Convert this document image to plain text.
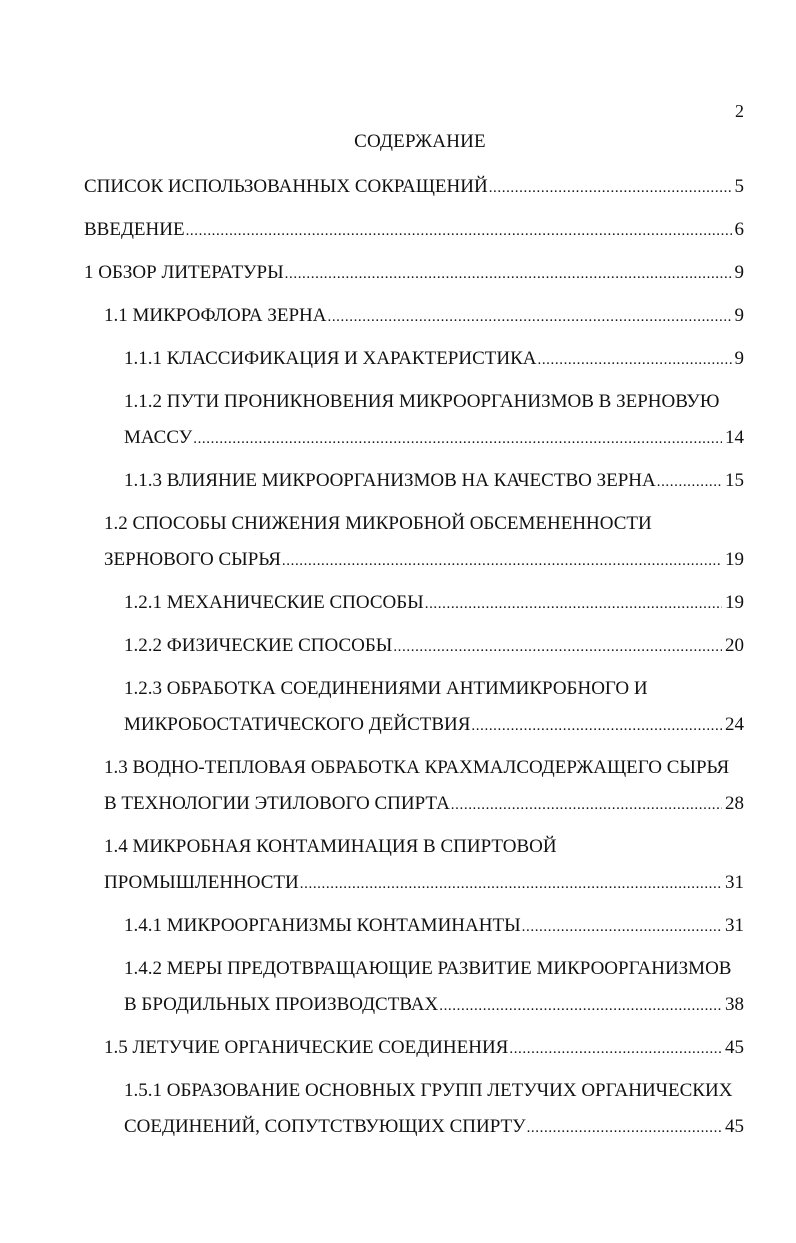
2
СОДЕРЖАНИЕ
СПИСОК ИСПОЛЬЗОВАННЫХ СОКРАЩЕНИЙ .....	5
ВВЕДЕНИЕ .....	6
1 ОБЗОР ЛИТЕРАТУРЫ .....	9
1.1 МИКРОФЛОРА ЗЕРНА .....	9
1.1.1 КЛАССИФИКАЦИЯ И ХАРАКТЕРИСТИКА .....	9
1.1.2 ПУТИ ПРОНИКНОВЕНИЯ МИКРООРГАНИЗМОВ В ЗЕРНОВУЮ
МАССУ .....	14
1.1.3 ВЛИЯНИЕ МИКРООРГАНИЗМОВ НА КАЧЕСТВО ЗЕРНА .....	15
1.2 СПОСОБЫ СНИЖЕНИЯ МИКРОБНОЙ ОБСЕМЕНЕННОСТИ
ЗЕРНОВОГО СЫРЬЯ .....	19
1.2.1 МЕХАНИЧЕСКИЕ СПОСОБЫ .....	19
1.2.2 ФИЗИЧЕСКИЕ СПОСОБЫ .....	20
1.2.3 ОБРАБОТКА СОЕДИНЕНИЯМИ АНТИМИКРОБНОГО И
МИКРОБОСТАТИЧЕСКОГО ДЕЙСТВИЯ .....	24
1.3 ВОДНО-ТЕПЛОВАЯ ОБРАБОТКА КРАХМАЛСОДЕРЖАЩЕГО СЫРЬЯ
В ТЕХНОЛОГИИ ЭТИЛОВОГО СПИРТА .....	28
1.4 МИКРОБНАЯ КОНТАМИНАЦИЯ В СПИРТОВОЙ
ПРОМЫШЛЕННОСТИ .....	31
1.4.1 МИКРООРГАНИЗМЫ КОНТАМИНАНТЫ .....	31
1.4.2 МЕРЫ ПРЕДОТВРАЩАЮЩИЕ РАЗВИТИЕ МИКРООРГАНИЗМОВ
В БРОДИЛЬНЫХ ПРОИЗВОДСТВАХ .....	38
1.5 ЛЕТУЧИЕ ОРГАНИЧЕСКИЕ СОЕДИНЕНИЯ .....	45
1.5.1 ОБРАЗОВАНИЕ ОСНОВНЫХ ГРУПП ЛЕТУЧИХ ОРГАНИЧЕСКИХ
СОЕДИНЕНИЙ, СОПУТСТВУЮЩИХ СПИРТУ .....	45
